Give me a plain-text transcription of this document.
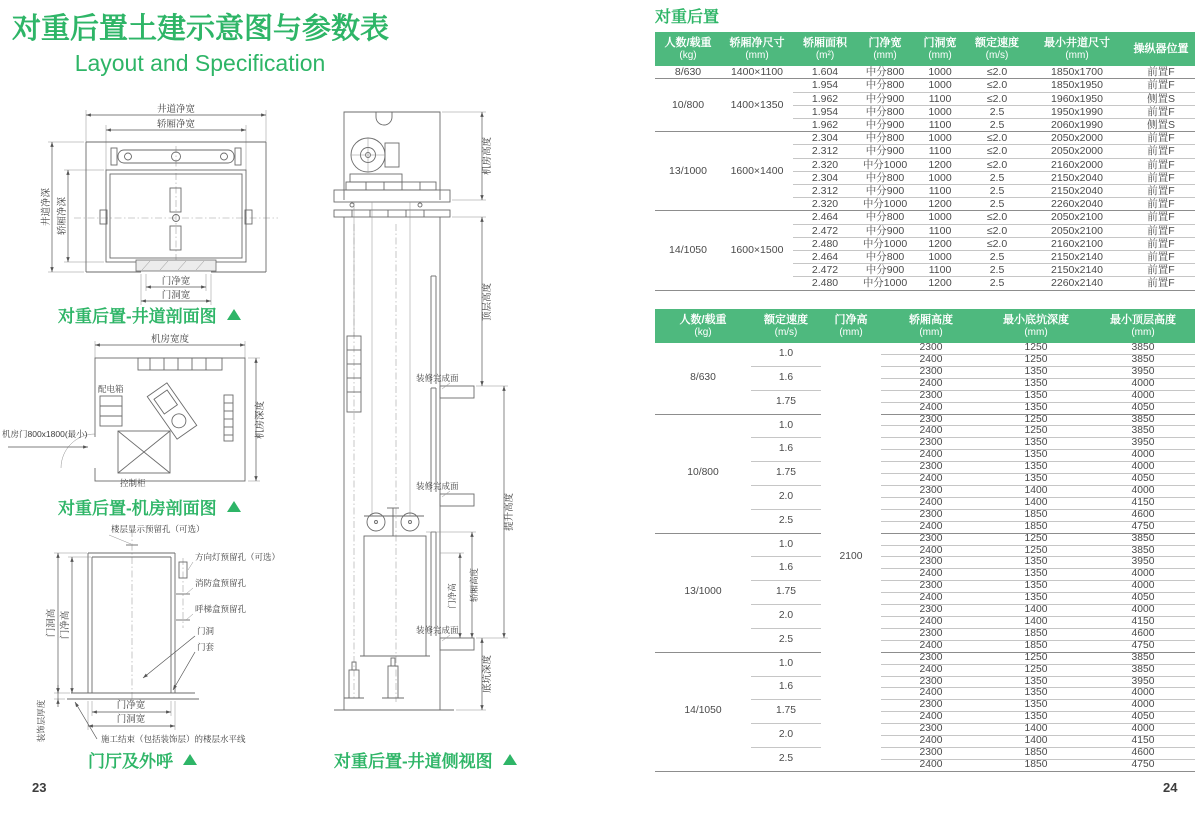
对重后置土建示意图与参数表
Layout and Specification
井道净宽
轿厢净宽
井道净深 轿厢净深
门净宽
门洞宽
对重后置-井道剖面图
机房宽度
机房深度
配电箱
机房门800x1800(最小)
控制柜
对重后置-机房剖面图
楼层显示预留孔（可选）
方向灯预留孔（可选）
消防盒预留孔
呼梯盒预留孔
门洞
门套
门洞高 门净高
装饰层厚度	门净宽
门洞宽
施工结束（包括装饰层）的楼层水平线
门厅及外呼
机房高度
顶层高度
提升高度
底坑深度
门净高 轿厢高度
装修完成面
装修完成面
装修完成面
对重后置-井道侧视图
对重后置
人数/载重
(kg)

轿厢净尺寸
(mm)

轿厢面积
(m²)

门净宽
(mm)

门洞宽
(mm)

额定速度
(m/s)

最小井道尺寸
(mm)

操纵器位置

8/630	1400×1100	1.604	中分800	1000	≤2.0	1850x1700	前置F
10/800	1400×1350	1.954	中分800	1000	≤2.0	1850x1950	前置F
		1.962	中分900	1100	≤2.0	1960x1950	侧置S
		1.954	中分800	1000	2.5	1950x1990	前置F
		1.962	中分900	1100	2.5	2060x1990	侧置S
13/1000	1600×1400	2.304	中分800	1000	≤2.0	2050x2000	前置F
		2.312	中分900	1100	≤2.0	2050x2000	前置F
		2.320	中分1000	1200	≤2.0	2160x2000	前置F
		2.304	中分800	1000	2.5	2150x2040	前置F
		2.312	中分900	1100	2.5	2150x2040	前置F
		2.320	中分1000	1200	2.5	2260x2040	前置F
14/1050	1600×1500	2.464	中分800	1000	≤2.0	2050x2100	前置F
		2.472	中分900	1100	≤2.0	2050x2100	前置F
		2.480	中分1000	1200	≤2.0	2160x2100	前置F
		2.464	中分800	1000	2.5	2150x2140	前置F
		2.472	中分900	1100	2.5	2150x2140	前置F
		2.480	中分1000	1200	2.5	2260x2140	前置F
人数/载重
(kg)

额定速度
(m/s)

门净高
(mm)

轿厢高度
(mm)

最小底坑深度
(mm)

最小顶层高度
(mm)

8/630	1.0	2100	2300	1250	3850
			2400	1250	3850
	1.6		2300	1350	3950
			2400	1350	4000
	1.75		2300	1350	4000
			2400	1350	4050
10/800	1.0		2300	1250	3850
			2400	1250	3850
	1.6		2300	1350	3950
			2400	1350	4000
	1.75		2300	1350	4000
			2400	1350	4050
	2.0		2300	1400	4000
			2400	1400	4150
	2.5		2300	1850	4600
			2400	1850	4750
13/1000	1.0		2300	1250	3850
			2400	1250	3850
	1.6		2300	1350	3950
			2400	1350	4000
	1.75		2300	1350	4000
			2400	1350	4050
	2.0		2300	1400	4000
			2400	1400	4150
	2.5		2300	1850	4600
			2400	1850	4750
14/1050	1.0		2300	1250	3850
			2400	1250	3850
	1.6		2300	1350	3950
			2400	1350	4000
	1.75		2300	1350	4000
			2400	1350	4050
	2.0		2300	1400	4000
			2400	1400	4150
	2.5		2300	1850	4600
			2400	1850	4750
23	24
